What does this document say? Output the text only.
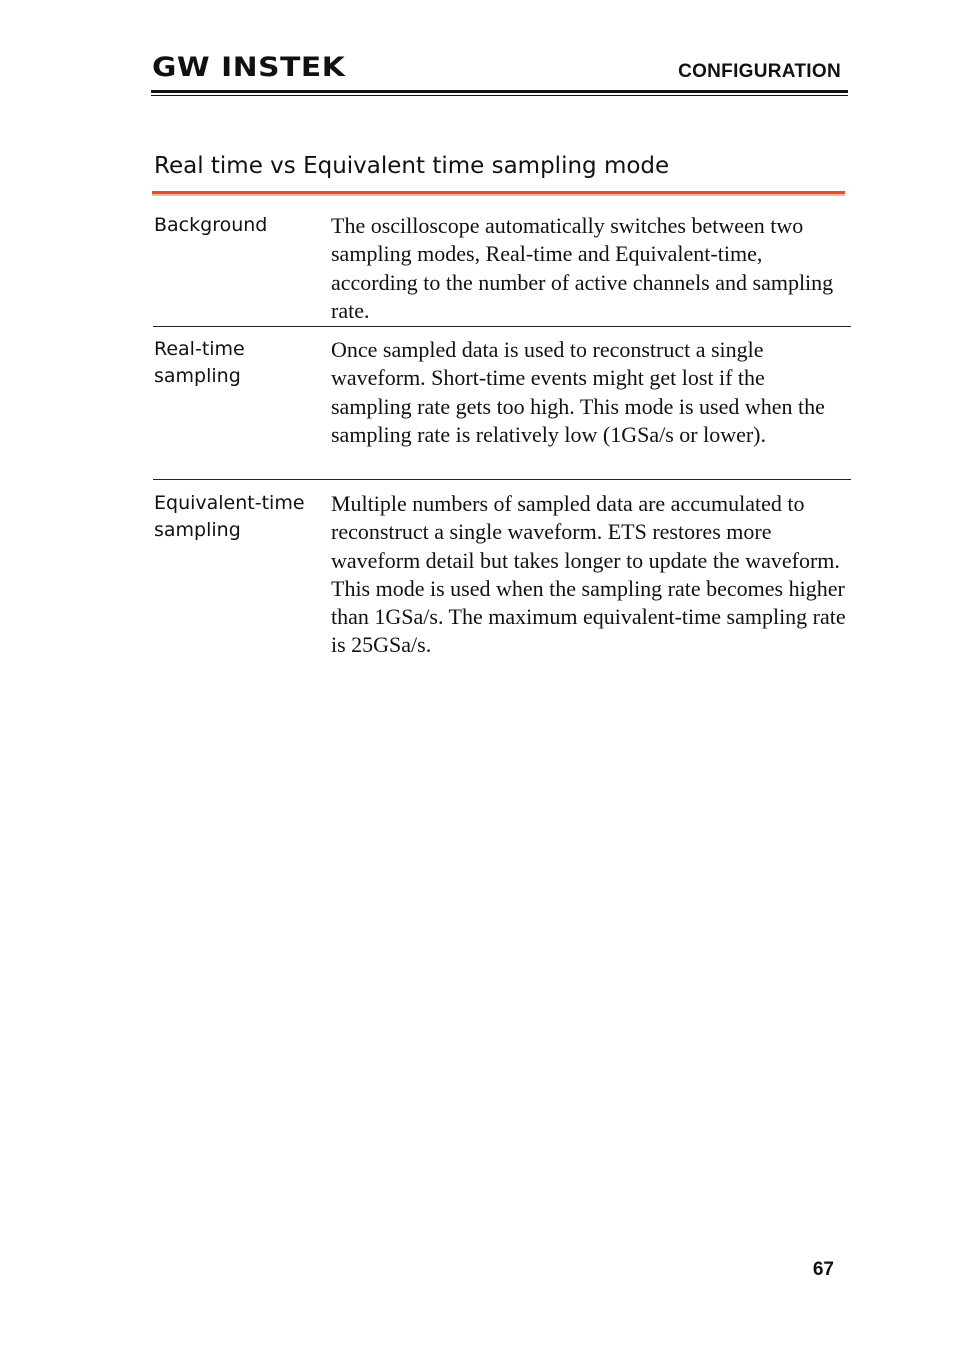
GW INSTEK	CONFIGURATION
Real time vs Equivalent time sampling mode
Background	The oscilloscope automatically switches between two sampling modes, Real-time and Equivalent-time, according to the number of active channels and sampling rate.
Real-time sampling
Once sampled data is used to reconstruct a single waveform. Short-time events might get lost if the sampling rate gets too high. This mode is used when the sampling rate is relatively low (1GSa/s or lower).
Equivalent-time sampling
Multiple numbers of sampled data are accumulated to reconstruct a single waveform. ETS restores more waveform detail but takes longer to update the waveform. This mode is used when the sampling rate becomes higher than 1GSa/s. The maximum equivalent-time sampling rate is 25GSa/s.
67
